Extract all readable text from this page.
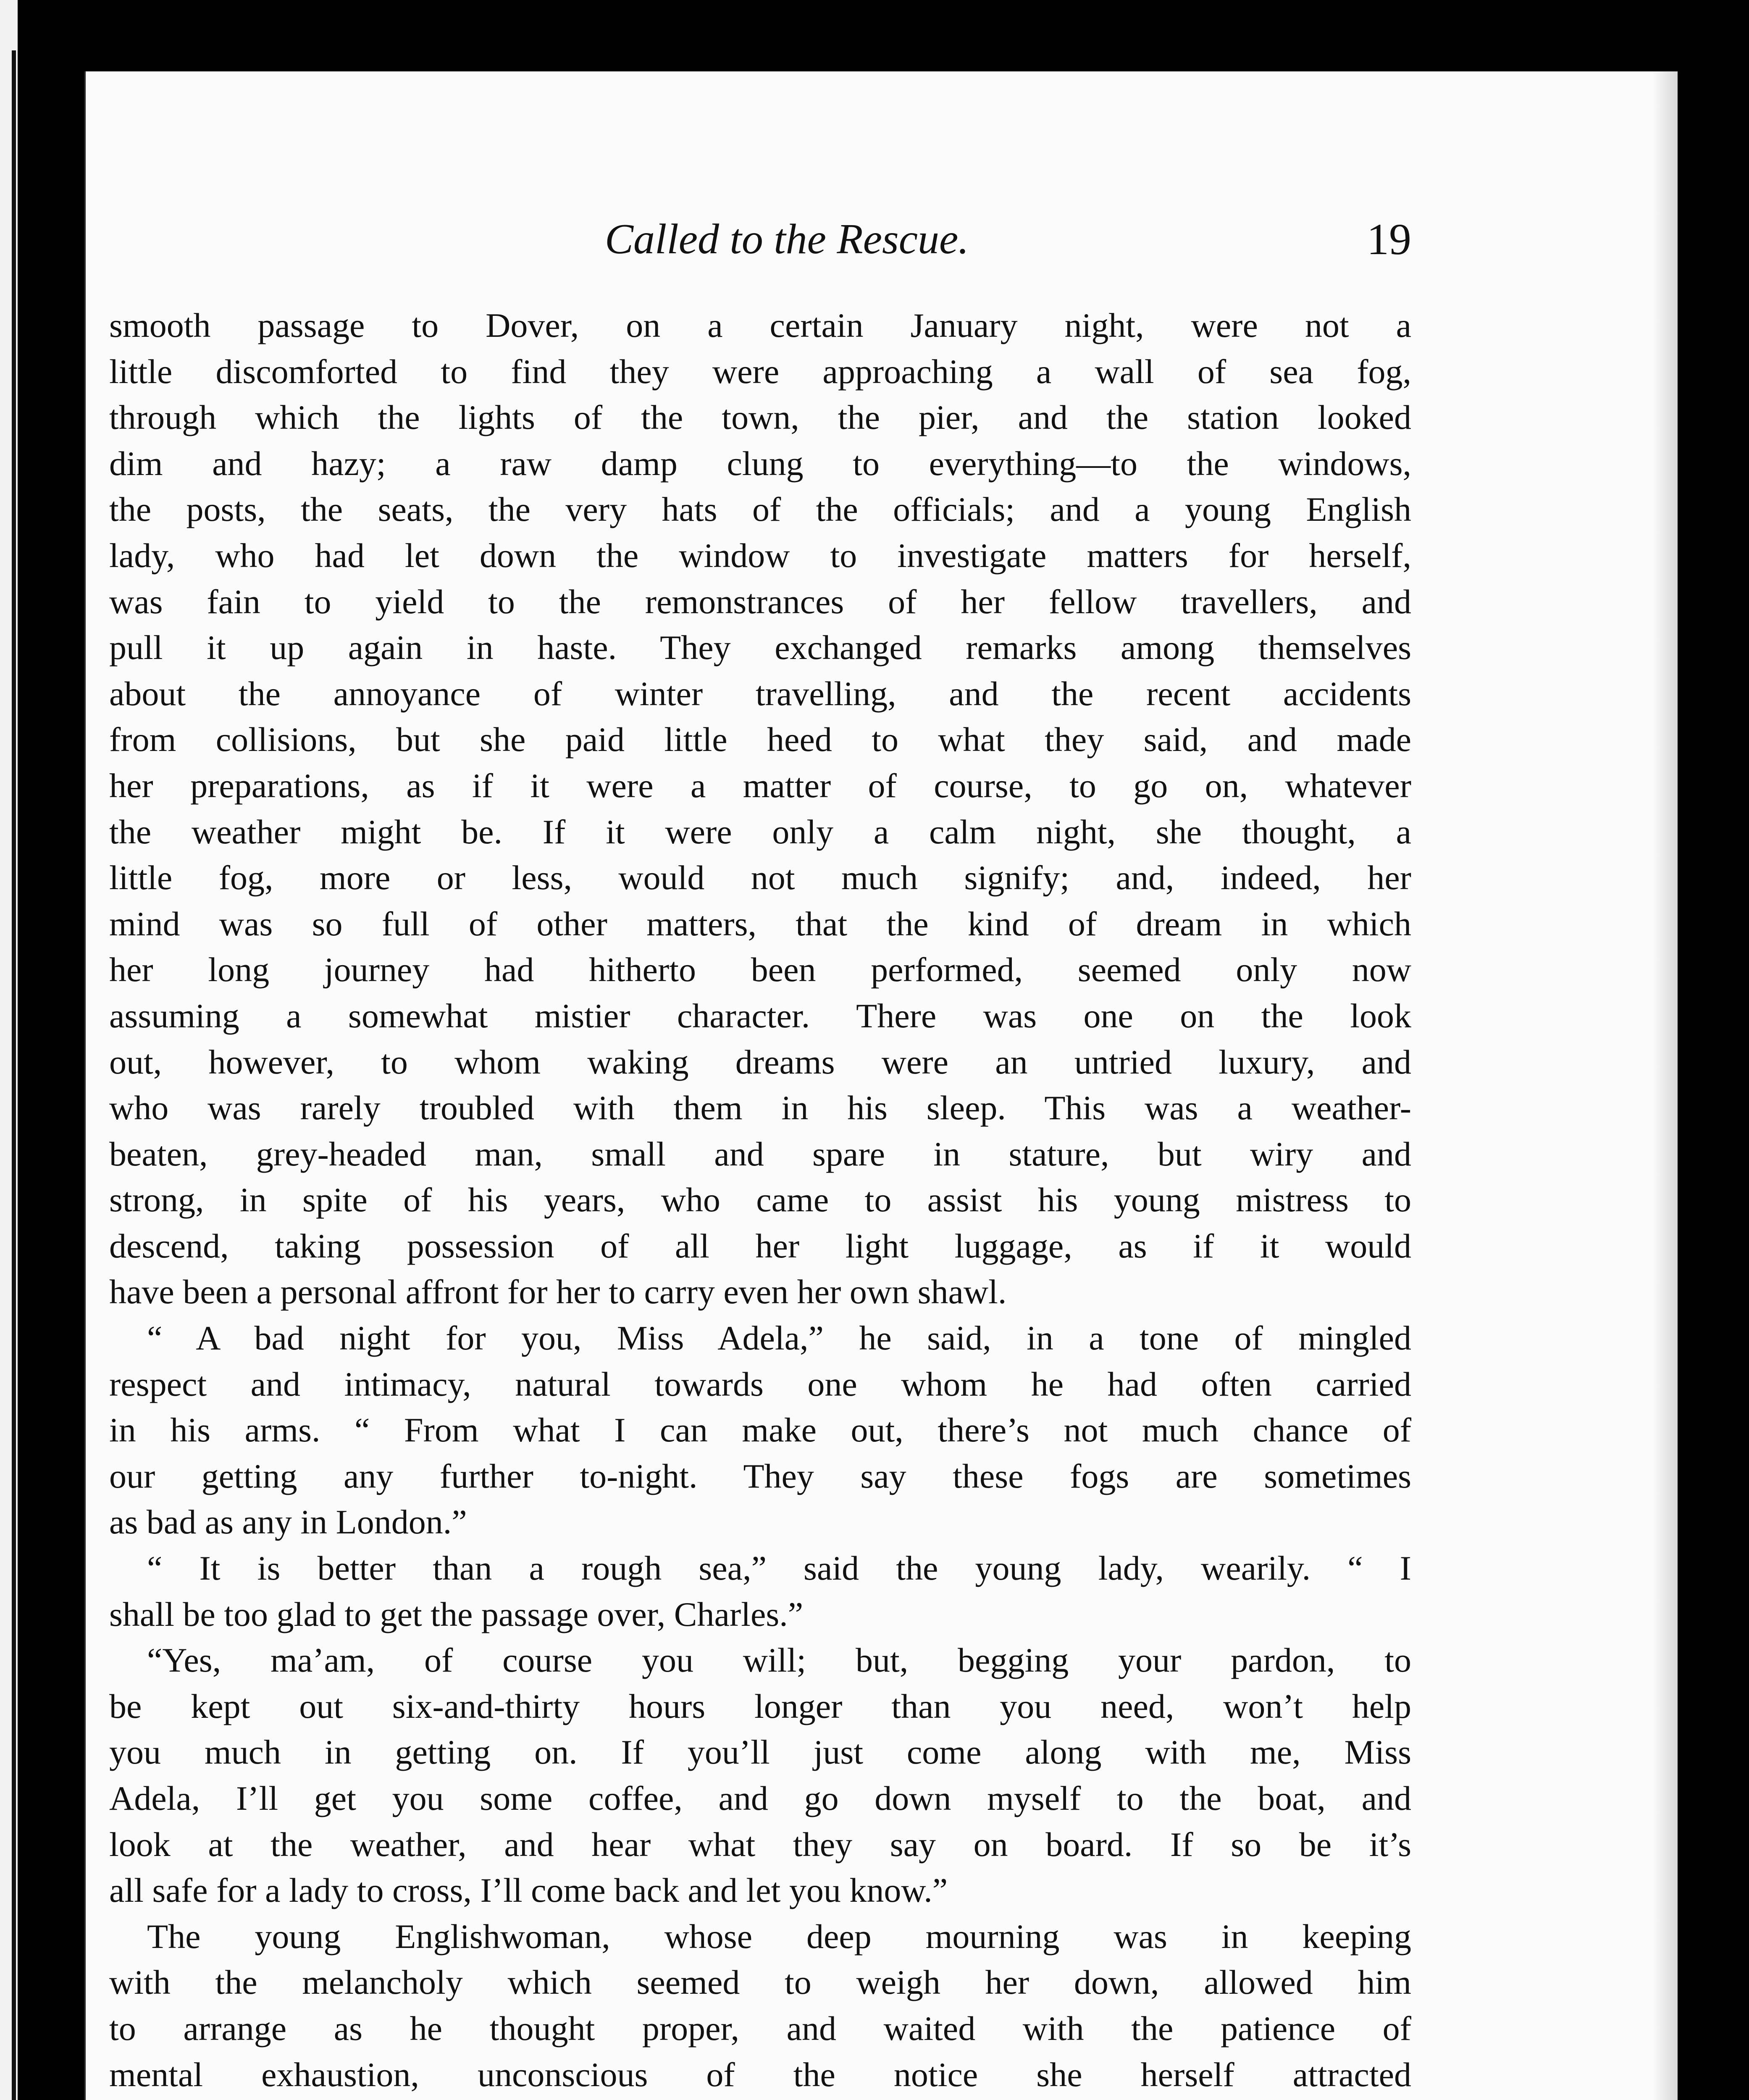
Called to the Rescue.	19
smooth passage to Dover, on a certain January night, were not a
little discomforted to find they were approaching a wall of sea fog,
through which the lights of the town, the pier, and the station looked
dim and hazy; a raw damp clung to everything—to the windows,
the posts, the seats, the very hats of the officials; and a young English
lady, who had let down the window to investigate matters for herself,
was fain to yield to the remonstrances of her fellow travellers, and
pull it up again in haste. They exchanged remarks among themselves
about the annoyance of winter travelling, and the recent accidents
from collisions, but she paid little heed to what they said, and made
her preparations, as if it were a matter of course, to go on, whatever
the weather might be. If it were only a calm night, she thought, a
little fog, more or less, would not much signify; and, indeed, her
mind was so full of other matters, that the kind of dream in which
her long journey had hitherto been performed, seemed only now
assuming a somewhat mistier character. There was one on the look
out, however, to whom waking dreams were an untried luxury, and
who was rarely troubled with them in his sleep. This was a weather-
beaten, grey-headed man, small and spare in stature, but wiry and
strong, in spite of his years, who came to assist his young mistress to
descend, taking possession of all her light luggage, as if it would
have been a personal affront for her to carry even her own shawl.
“ A bad night for you, Miss Adela,” he said, in a tone of mingled
respect and intimacy, natural towards one whom he had often carried
in his arms. “ From what I can make out, there’s not much chance of
our getting any further to-night. They say these fogs are sometimes
as bad as any in London.”
“ It is better than a rough sea,” said the young lady, wearily. “ I
shall be too glad to get the passage over, Charles.”
“Yes, ma’am, of course you will; but, begging your pardon, to
be kept out six-and-thirty hours longer than you need, won’t help
you much in getting on. If you’ll just come along with me, Miss
Adela, I’ll get you some coffee, and go down myself to the boat, and
look at the weather, and hear what they say on board. If so be it’s
all safe for a lady to cross, I’ll come back and let you know.”
The young Englishwoman, whose deep mourning was in keeping
with the melancholy which seemed to weigh her down, allowed him
to arrange as he thought proper, and waited with the patience of
mental exhaustion, unconscious of the notice she herself attracted
